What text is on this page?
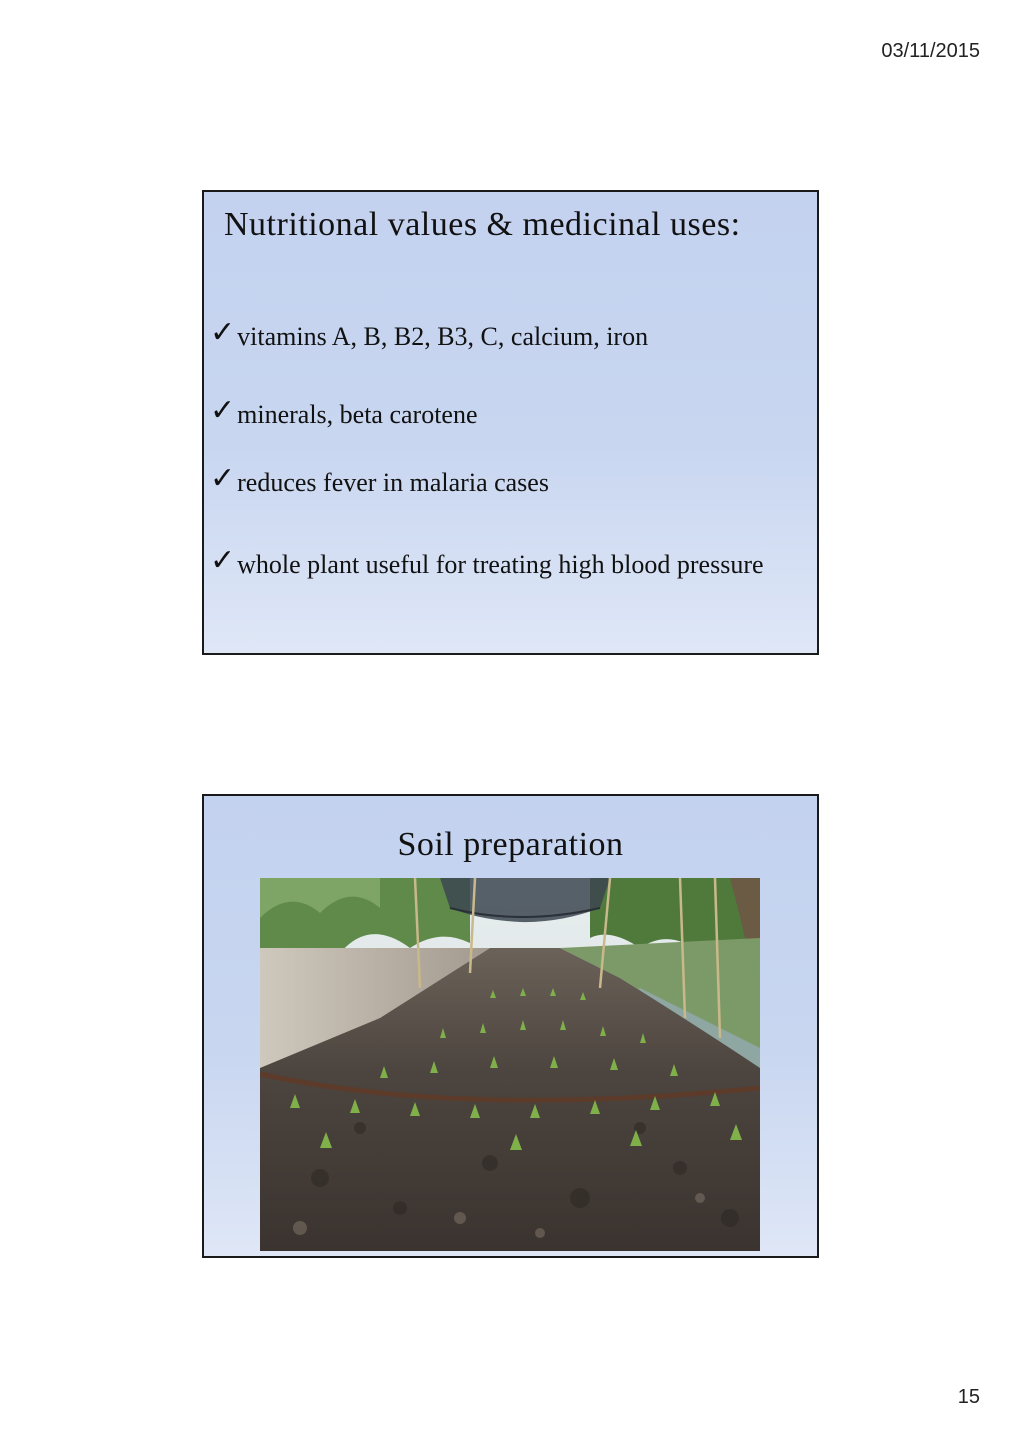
03/11/2015
Nutritional values & medicinal uses:
✓ vitamins A, B, B2, B3, C, calcium, iron
✓ minerals, beta carotene
✓ reduces fever in malaria cases
✓ whole plant useful for treating high blood pressure
Soil preparation
15
